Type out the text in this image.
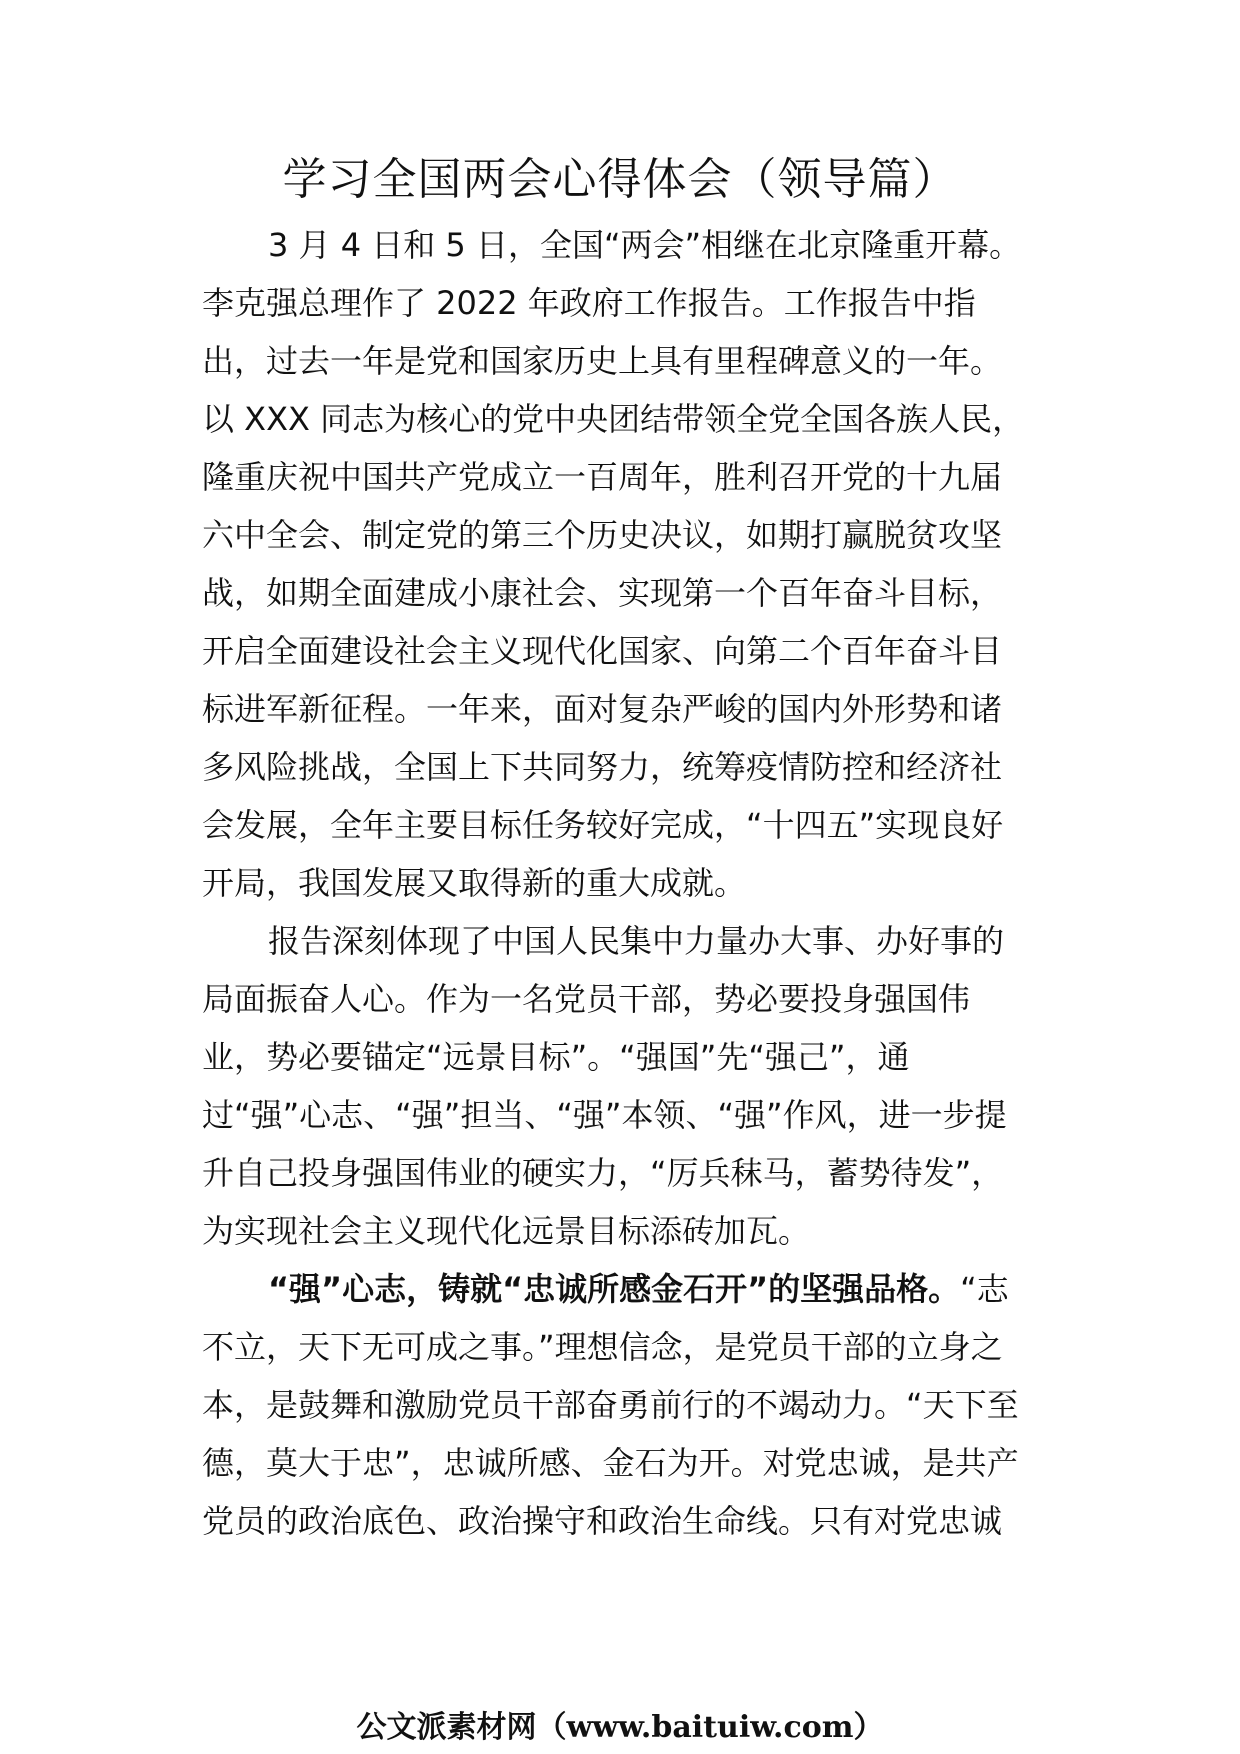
学习全国两会心得体会（领导篇）
3 月 4 日和 5 日，全国“两会”相继在北京隆重开幕。
李克强总理作了 2022 年政府工作报告。工作报告中指
出，过去一年是党和国家历史上具有里程碑意义的一年。
以 XXX 同志为核心的党中央团结带领全党全国各族人民，
隆重庆祝中国共产党成立一百周年，胜利召开党的十九届
六中全会、制定党的第三个历史决议，如期打赢脱贫攻坚
战，如期全面建成小康社会、实现第一个百年奋斗目标，
开启全面建设社会主义现代化国家、向第二个百年奋斗目
标进军新征程。一年来，面对复杂严峻的国内外形势和诸
多风险挑战，全国上下共同努力，统筹疫情防控和经济社
会发展，全年主要目标任务较好完成，“十四五”实现良好
开局，我国发展又取得新的重大成就。
报告深刻体现了中国人民集中力量办大事、办好事的
局面振奋人心。作为一名党员干部，势必要投身强国伟
业，势必要锚定“远景目标”。“强国”先“强己”，通
过“强”心志、“强”担当、“强”本领、“强”作风，进一步提
升自己投身强国伟业的硬实力，“厉兵秣马，蓄势待发”，
为实现社会主义现代化远景目标添砖加瓦。
“强”心志，铸就“忠诚所感金石开”的坚强品格。“志
不立，天下无可成之事。”理想信念，是党员干部的立身之
本，是鼓舞和激励党员干部奋勇前行的不竭动力。“天下至
德，莫大于忠”，忠诚所感、金石为开。对党忠诚，是共产
党员的政治底色、政治操守和政治生命线。只有对党忠诚
公文派素材网（www.baituiw.com）
